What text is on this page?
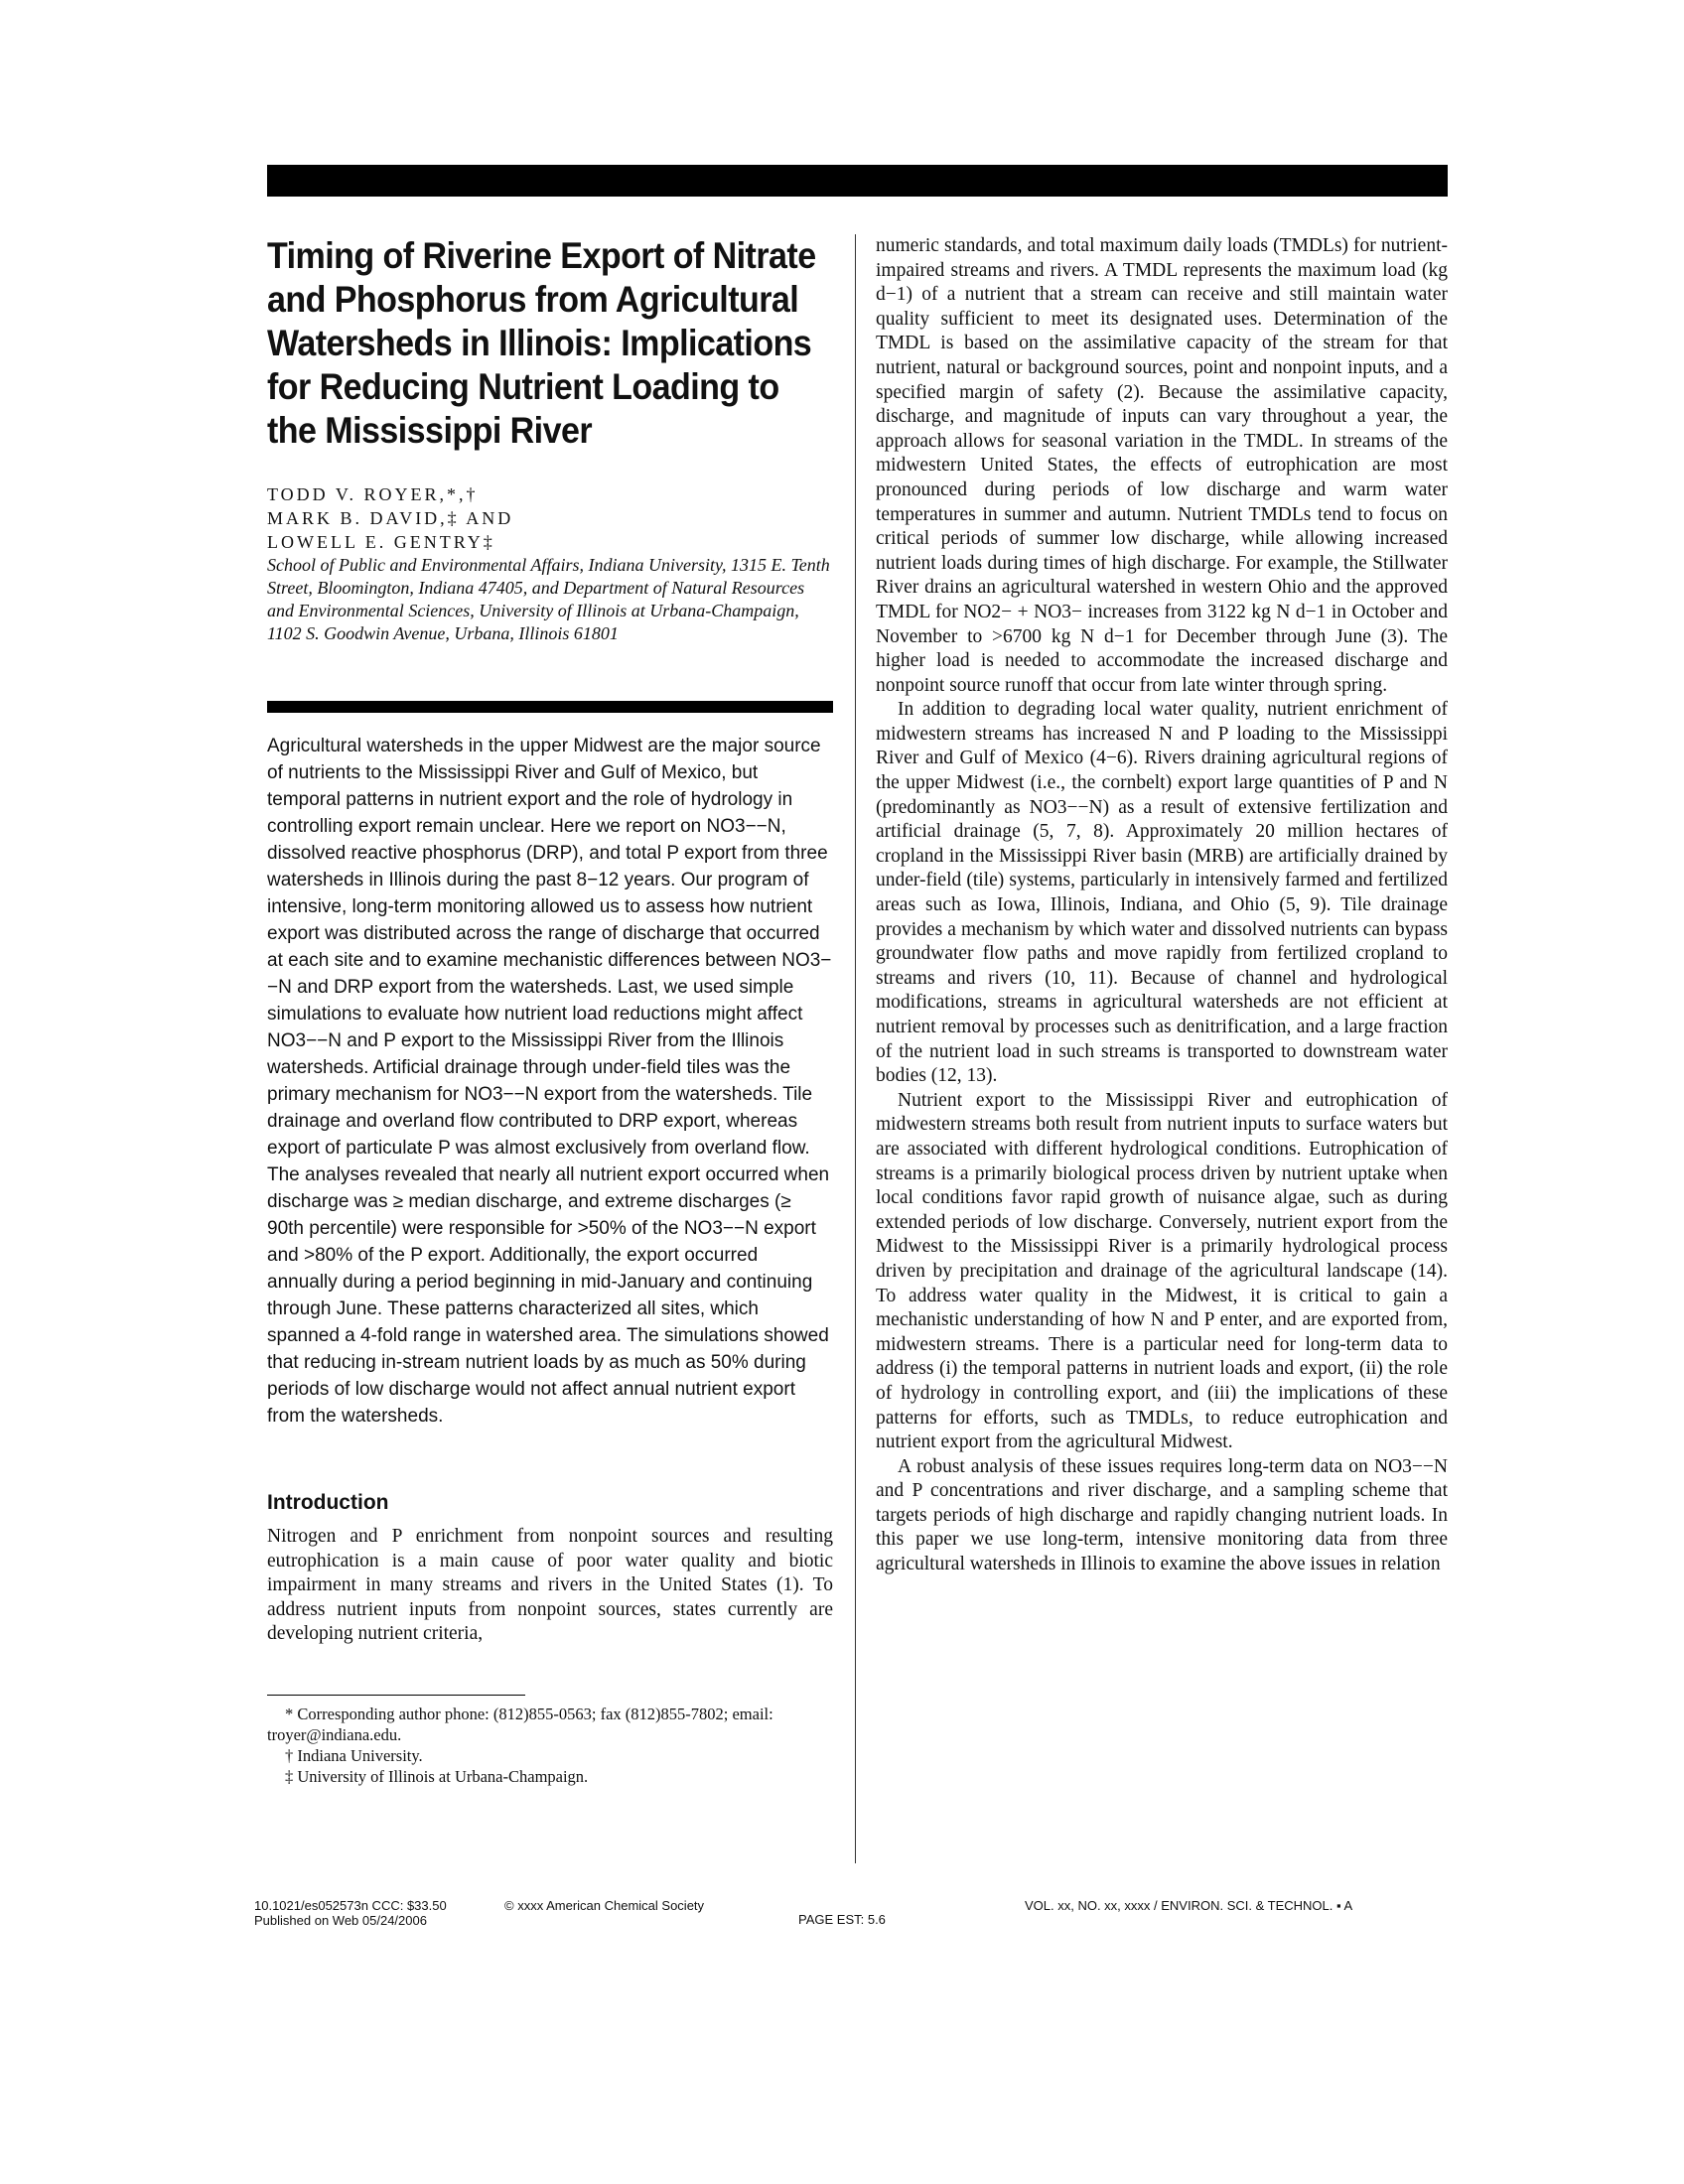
Timing of Riverine Export of Nitrate and Phosphorus from Agricultural Watersheds in Illinois: Implications for Reducing Nutrient Loading to the Mississippi River
TODD V. ROYER,*,†
MARK B. DAVID,‡ AND
LOWELL E. GENTRY‡

School of Public and Environmental Affairs, Indiana University, 1315 E. Tenth Street, Bloomington, Indiana 47405, and Department of Natural Resources and Environmental Sciences, University of Illinois at Urbana-Champaign, 1102 S. Goodwin Avenue, Urbana, Illinois 61801

Agricultural watersheds in the upper Midwest are the major source of nutrients to the Mississippi River and Gulf of Mexico, but temporal patterns in nutrient export and the role of hydrology in controlling export remain unclear. Here we report on NO3−−N, dissolved reactive phosphorus (DRP), and total P export from three watersheds in Illinois during the past 8−12 years. Our program of intensive, long-term monitoring allowed us to assess how nutrient export was distributed across the range of discharge that occurred at each site and to examine mechanistic differences between NO3−−N and DRP export from the watersheds. Last, we used simple simulations to evaluate how nutrient load reductions might affect NO3−−N and P export to the Mississippi River from the Illinois watersheds. Artificial drainage through under-field tiles was the primary mechanism for NO3−−N export from the watersheds. Tile drainage and overland flow contributed to DRP export, whereas export of particulate P was almost exclusively from overland flow. The analyses revealed that nearly all nutrient export occurred when discharge was ≥ median discharge, and extreme discharges (≥ 90th percentile) were responsible for >50% of the NO3−−N export and >80% of the P export. Additionally, the export occurred annually during a period beginning in mid-January and continuing through June. These patterns characterized all sites, which spanned a 4-fold range in watershed area. The simulations showed that reducing in-stream nutrient loads by as much as 50% during periods of low discharge would not affect annual nutrient export from the watersheds.

Introduction

Nitrogen and P enrichment from nonpoint sources and resulting eutrophication is a main cause of poor water quality and biotic impairment in many streams and rivers in the United States (1). To address nutrient inputs from nonpoint sources, states currently are developing nutrient criteria,

* Corresponding author phone: (812)855-0563; fax (812)855-7802; email: troyer@indiana.edu.

† Indiana University.

‡ University of Illinois at Urbana-Champaign.

numeric standards, and total maximum daily loads (TMDLs) for nutrient-impaired streams and rivers. A TMDL represents the maximum load (kg d−1) of a nutrient that a stream can receive and still maintain water quality sufficient to meet its designated uses. Determination of the TMDL is based on the assimilative capacity of the stream for that nutrient, natural or background sources, point and nonpoint inputs, and a specified margin of safety (2). Because the assimilative capacity, discharge, and magnitude of inputs can vary throughout a year, the approach allows for seasonal variation in the TMDL. In streams of the midwestern United States, the effects of eutrophication are most pronounced during periods of low discharge and warm water temperatures in summer and autumn. Nutrient TMDLs tend to focus on critical periods of summer low discharge, while allowing increased nutrient loads during times of high discharge. For example, the Stillwater River drains an agricultural watershed in western Ohio and the approved TMDL for NO2− + NO3− increases from 3122 kg N d−1 in October and November to >6700 kg N d−1 for December through June (3). The higher load is needed to accommodate the increased discharge and nonpoint source runoff that occur from late winter through spring.

In addition to degrading local water quality, nutrient enrichment of midwestern streams has increased N and P loading to the Mississippi River and Gulf of Mexico (4−6). Rivers draining agricultural regions of the upper Midwest (i.e., the cornbelt) export large quantities of P and N (predominantly as NO3−−N) as a result of extensive fertilization and artificial drainage (5, 7, 8). Approximately 20 million hectares of cropland in the Mississippi River basin (MRB) are artificially drained by under-field (tile) systems, particularly in intensively farmed and fertilized areas such as Iowa, Illinois, Indiana, and Ohio (5, 9). Tile drainage provides a mechanism by which water and dissolved nutrients can bypass groundwater flow paths and move rapidly from fertilized cropland to streams and rivers (10, 11). Because of channel and hydrological modifications, streams in agricultural watersheds are not efficient at nutrient removal by processes such as denitrification, and a large fraction of the nutrient load in such streams is transported to downstream water bodies (12, 13).

Nutrient export to the Mississippi River and eutrophication of midwestern streams both result from nutrient inputs to surface waters but are associated with different hydrological conditions. Eutrophication of streams is a primarily biological process driven by nutrient uptake when local conditions favor rapid growth of nuisance algae, such as during extended periods of low discharge. Conversely, nutrient export from the Midwest to the Mississippi River is a primarily hydrological process driven by precipitation and drainage of the agricultural landscape (14). To address water quality in the Midwest, it is critical to gain a mechanistic understanding of how N and P enter, and are exported from, midwestern streams. There is a particular need for long-term data to address (i) the temporal patterns in nutrient loads and export, (ii) the role of hydrology in controlling export, and (iii) the implications of these patterns for efforts, such as TMDLs, to reduce eutrophication and nutrient export from the agricultural Midwest.

A robust analysis of these issues requires long-term data on NO3−−N and P concentrations and river discharge, and a sampling scheme that targets periods of high discharge and rapidly changing nutrient loads. In this paper we use long-term, intensive monitoring data from three agricultural watersheds in Illinois to examine the above issues in relation

10.1021/es052573n CCC: $33.50
Published on Web 05/24/2006
© xxxx American Chemical Society
PAGE EST: 5.6
VOL. xx, NO. xx, xxxx / ENVIRON. SCI. & TECHNOL. ▪ A
